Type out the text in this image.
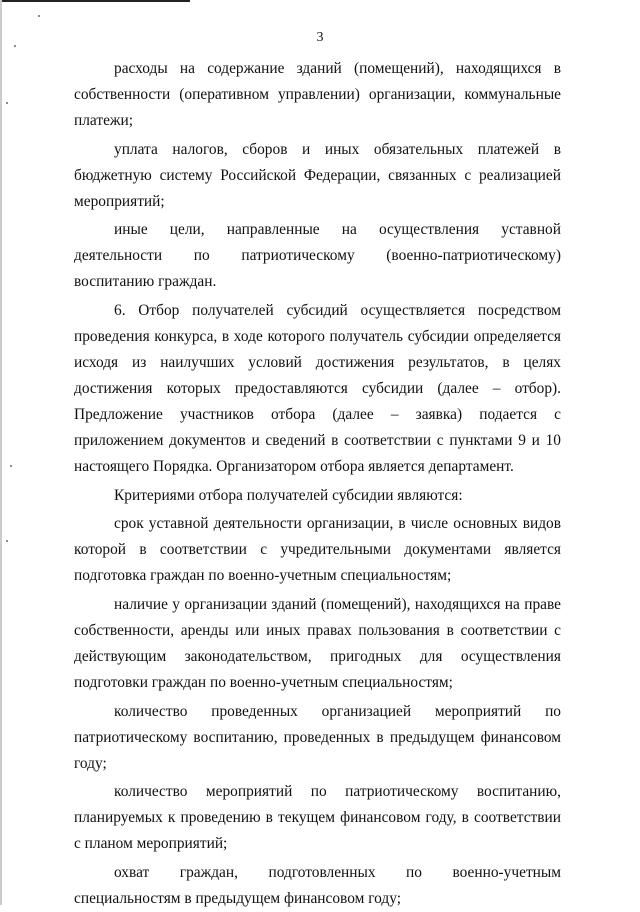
3

расходы на содержание зданий (помещений), находящихся в собственности (оперативном управлении) организации, коммунальные платежи;

уплата налогов, сборов и иных обязательных платежей в бюджетную систему Российской Федерации, связанных с реализацией мероприятий;

иные цели, направленные на осуществления уставной деятельности по патриотическому (военно-патриотическому) воспитанию граждан.

6. Отбор получателей субсидий осуществляется посредством проведения конкурса, в ходе которого получатель субсидии определяется исходя из наилучших условий достижения результатов, в целях достижения которых предоставляются субсидии (далее – отбор). Предложение участников отбора (далее – заявка) подается с приложением документов и сведений в соответствии с пунктами 9 и 10 настоящего Порядка. Организатором отбора является департамент.

Критериями отбора получателей субсидии являются:

срок уставной деятельности организации, в числе основных видов которой в соответствии с учредительными документами является подготовка граждан по военно-учетным специальностям;

наличие у организации зданий (помещений), находящихся на праве собственности, аренды или иных правах пользования в соответствии с действующим законодательством, пригодных для осуществления подготовки граждан по военно-учетным специальностям;

количество проведенных организацией мероприятий по патриотическому воспитанию, проведенных в предыдущем финансовом году;

количество мероприятий по патриотическому воспитанию, планируемых к проведению в текущем финансовом году, в соответствии с планом мероприятий;

охват граждан, подготовленных по военно-учетным специальностям в предыдущем финансовом году;
